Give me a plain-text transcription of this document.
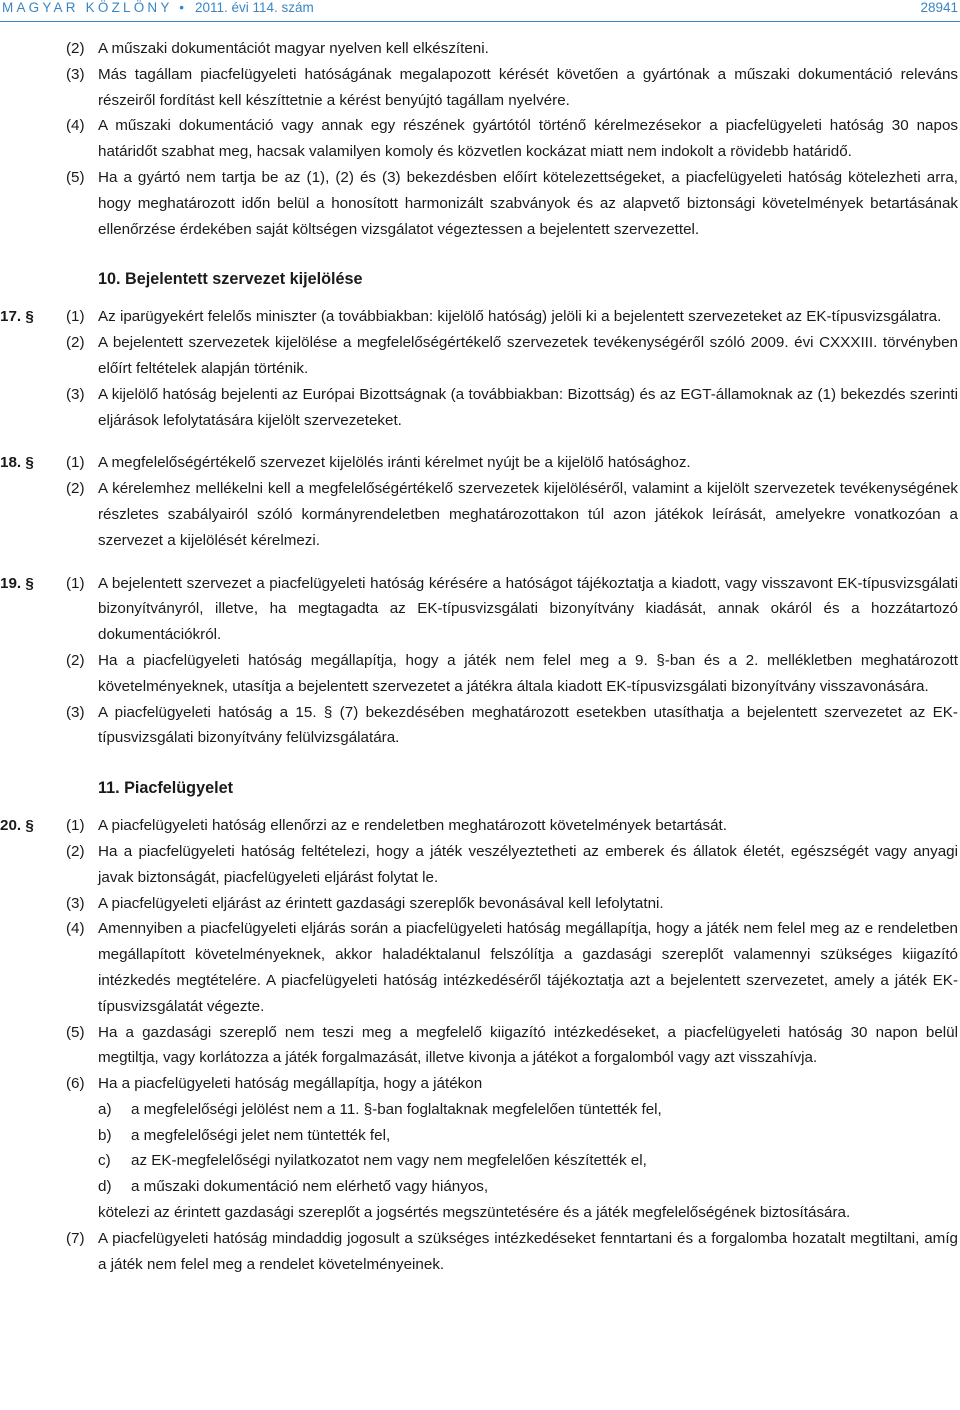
MAGYAR KÖZLÖNY • 2011. évi 114. szám	28941
(2) A műszaki dokumentációt magyar nyelven kell elkészíteni.
(3) Más tagállam piacfelügyeleti hatóságának megalapozott kérését követően a gyártónak a műszaki dokumentáció releváns részeiről fordítást kell készíttetnie a kérést benyújtó tagállam nyelvére.
(4) A műszaki dokumentáció vagy annak egy részének gyártótól történő kérelmezésekor a piacfelügyeleti hatóság 30 napos határidőt szabhat meg, hacsak valamilyen komoly és közvetlen kockázat miatt nem indokolt a rövidebb határidő.
(5) Ha a gyártó nem tartja be az (1), (2) és (3) bekezdésben előírt kötelezettségeket, a piacfelügyeleti hatóság kötelezheti arra, hogy meghatározott időn belül a honosított harmonizált szabványok és az alapvető biztonsági követelmények betartásának ellenőrzése érdekében saját költségen vizsgálatot végeztessen a bejelentett szervezettel.
10. Bejelentett szervezet kijelölése
17. § (1) Az iparügyekért felelős miniszter (a továbbiakban: kijelölő hatóság) jelöli ki a bejelentett szervezeteket az EK-típusvizsgálatra.
(2) A bejelentett szervezetek kijelölése a megfelelőségértékelő szervezetek tevékenységéről szóló 2009. évi CXXXIII. törvényben előírt feltételek alapján történik.
(3) A kijelölő hatóság bejelenti az Európai Bizottságnak (a továbbiakban: Bizottság) és az EGT-államoknak az (1) bekezdés szerinti eljárások lefolytatására kijelölt szervezeteket.
18. § (1) A megfelelőségértékelő szervezet kijelölés iránti kérelmet nyújt be a kijelölő hatósághoz.
(2) A kérelemhez mellékelni kell a megfelelőségértékelő szervezetek kijelöléséről, valamint a kijelölt szervezetek tevékenységének részletes szabályairól szóló kormányrendeletben meghatározottakon túl azon játékok leírását, amelyekre vonatkozóan a szervezet a kijelölését kérelmezi.
19. § (1) A bejelentett szervezet a piacfelügyeleti hatóság kérésére a hatóságot tájékoztatja a kiadott, vagy visszavont EK-típusvizsgálati bizonyítványról, illetve, ha megtagadta az EK-típusvizsgálati bizonyítvány kiadását, annak okáról és a hozzátartozó dokumentációkról.
(2) Ha a piacfelügyeleti hatóság megállapítja, hogy a játék nem felel meg a 9. §-ban és a 2. mellékletben meghatározott követelményeknek, utasítja a bejelentett szervezetet a játékra általa kiadott EK-típusvizsgálati bizonyítvány visszavonására.
(3) A piacfelügyeleti hatóság a 15. § (7) bekezdésében meghatározott esetekben utasíthatja a bejelentett szervezetet az EK-típusvizsgálati bizonyítvány felülvizsgálatára.
11. Piacfelügyelet
20. § (1) A piacfelügyeleti hatóság ellenőrzi az e rendeletben meghatározott követelmények betartását.
(2) Ha a piacfelügyeleti hatóság feltételezi, hogy a játék veszélyeztetheti az emberek és állatok életét, egészségét vagy anyagi javak biztonságát, piacfelügyeleti eljárást folytat le.
(3) A piacfelügyeleti eljárást az érintett gazdasági szereplők bevonásával kell lefolytatni.
(4) Amennyiben a piacfelügyeleti eljárás során a piacfelügyeleti hatóság megállapítja, hogy a játék nem felel meg az e rendeletben megállapított követelményeknek, akkor haladéktalanul felszólítja a gazdasági szereplőt valamennyi szükséges kiigazító intézkedés megtételére. A piacfelügyeleti hatóság intézkedéséről tájékoztatja azt a bejelentett szervezetet, amely a játék EK-típusvizsgálatát végezte.
(5) Ha a gazdasági szereplő nem teszi meg a megfelelő kiigazító intézkedéseket, a piacfelügyeleti hatóság 30 napon belül megtiltja, vagy korlátozza a játék forgalmazását, illetve kivonja a játékot a forgalomból vagy azt visszahívja.
(6) Ha a piacfelügyeleti hatóság megállapítja, hogy a játékon
a) a megfelelőségi jelölést nem a 11. §-ban foglaltaknak megfelelően tüntették fel,
b) a megfelelőségi jelet nem tüntették fel,
c) az EK-megfelelőségi nyilatkozatot nem vagy nem megfelelően készítették el,
d) a műszaki dokumentáció nem elérhető vagy hiányos,
kötelezi az érintett gazdasági szereplőt a jogsértés megszüntetésére és a játék megfelelőségének biztosítására.
(7) A piacfelügyeleti hatóság mindaddig jogosult a szükséges intézkedéseket fenntartani és a forgalomba hozatalt megtiltani, amíg a játék nem felel meg a rendelet követelményeinek.
